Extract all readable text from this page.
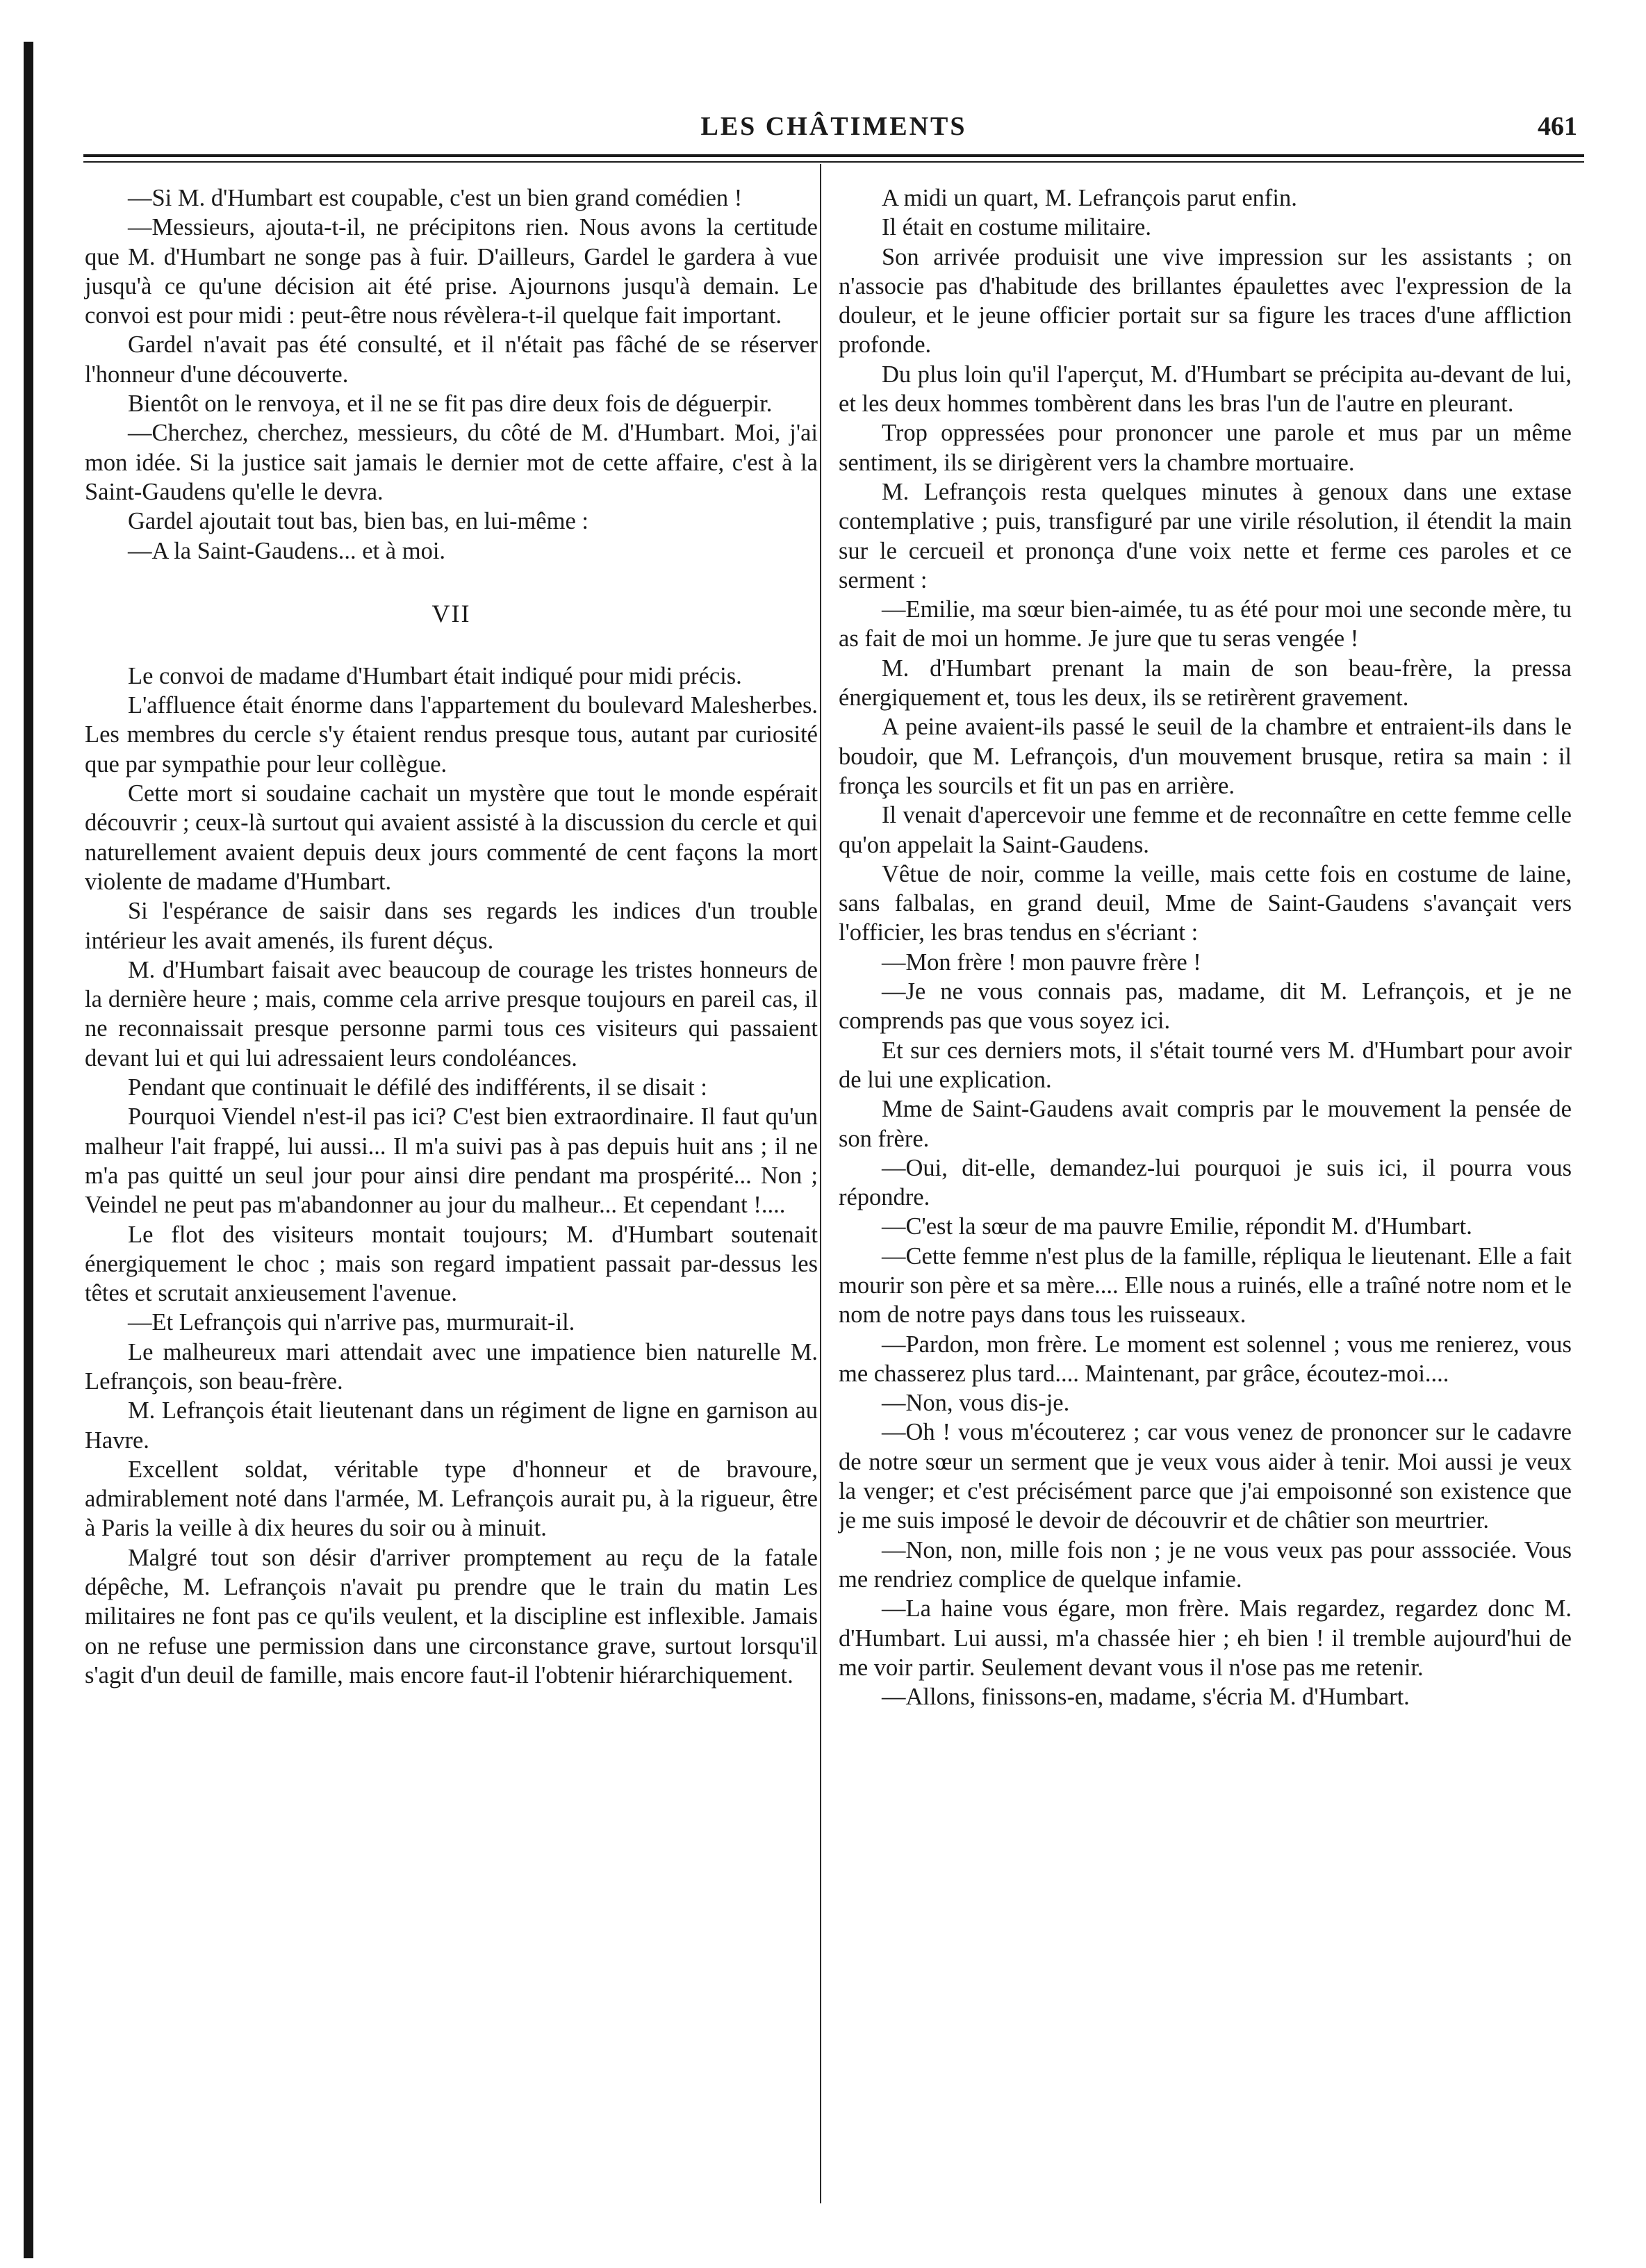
LES CHÂTIMENTS	461

—Si M. d'Humbart est coupable, c'est un bien grand comédien !

—Messieurs, ajouta-t-il, ne précipitons rien. Nous avons la certitude que M. d'Humbart ne songe pas à fuir. D'ailleurs, Gardel le gardera à vue jusqu'à ce qu'une décision ait été prise. Ajournons jusqu'à demain. Le convoi est pour midi : peut-être nous révèlera-t-il quelque fait important.

Gardel n'avait pas été consulté, et il n'était pas fâché de se réserver l'honneur d'une découverte.

Bientôt on le renvoya, et il ne se fit pas dire deux fois de déguerpir.

—Cherchez, cherchez, messieurs, du côté de M. d'Humbart. Moi, j'ai mon idée. Si la justice sait jamais le dernier mot de cette affaire, c'est à la Saint-Gaudens qu'elle le devra.

Gardel ajoutait tout bas, bien bas, en lui-même :

—A la Saint-Gaudens... et à moi.

VII

Le convoi de madame d'Humbart était indiqué pour midi précis.

L'affluence était énorme dans l'appartement du boulevard Malesherbes. Les membres du cercle s'y étaient rendus presque tous, autant par curiosité que par sympathie pour leur collègue.

Cette mort si soudaine cachait un mystère que tout le monde espérait découvrir ; ceux-là surtout qui avaient assisté à la discussion du cercle et qui naturellement avaient depuis deux jours commenté de cent façons la mort violente de madame d'Humbart.

Si l'espérance de saisir dans ses regards les indices d'un trouble intérieur les avait amenés, ils furent déçus.

M. d'Humbart faisait avec beaucoup de courage les tristes honneurs de la dernière heure ; mais, comme cela arrive presque toujours en pareil cas, il ne reconnaissait presque personne parmi tous ces visiteurs qui passaient devant lui et qui lui adressaient leurs condoléances.

Pendant que continuait le défilé des indifférents, il se disait :

Pourquoi Viendel n'est-il pas ici? C'est bien extraordinaire. Il faut qu'un malheur l'ait frappé, lui aussi... Il m'a suivi pas à pas depuis huit ans ; il ne m'a pas quitté un seul jour pour ainsi dire pendant ma prospérité... Non ; Veindel ne peut pas m'abandonner au jour du malheur... Et cependant !....

Le flot des visiteurs montait toujours; M. d'Humbart soutenait énergiquement le choc ; mais son regard impatient passait par-dessus les têtes et scrutait anxieusement l'avenue.

—Et Lefrançois qui n'arrive pas, murmurait-il.

Le malheureux mari attendait avec une impatience bien naturelle M. Lefrançois, son beau-frère.

M. Lefrançois était lieutenant dans un régiment de ligne en garnison au Havre.

Excellent soldat, véritable type d'honneur et de bravoure, admirablement noté dans l'armée, M. Lefrançois aurait pu, à la rigueur, être à Paris la veille à dix heures du soir ou à minuit.

Malgré tout son désir d'arriver promptement au reçu de la fatale dépêche, M. Lefrançois n'avait pu prendre que le train du matin Les militaires ne font pas ce qu'ils veulent, et la discipline est inflexible. Jamais on ne refuse une permission dans une circonstance grave, surtout lorsqu'il s'agit d'un deuil de famille, mais encore faut-il l'obtenir hiérarchiquement.

A midi un quart, M. Lefrançois parut enfin.

Il était en costume militaire.

Son arrivée produisit une vive impression sur les assistants ; on n'associe pas d'habitude des brillantes épaulettes avec l'expression de la douleur, et le jeune officier portait sur sa figure les traces d'une affliction profonde.

Du plus loin qu'il l'aperçut, M. d'Humbart se précipita au-devant de lui, et les deux hommes tombèrent dans les bras l'un de l'autre en pleurant.

Trop oppressées pour prononcer une parole et mus par un même sentiment, ils se dirigèrent vers la chambre mortuaire.

M. Lefrançois resta quelques minutes à genoux dans une extase contemplative ; puis, transfiguré par une virile résolution, il étendit la main sur le cercueil et prononça d'une voix nette et ferme ces paroles et ce serment :

—Emilie, ma sœur bien-aimée, tu as été pour moi une seconde mère, tu as fait de moi un homme. Je jure que tu seras vengée !

M. d'Humbart prenant la main de son beau-frère, la pressa énergiquement et, tous les deux, ils se retirèrent gravement.

A peine avaient-ils passé le seuil de la chambre et entraient-ils dans le boudoir, que M. Lefrançois, d'un mouvement brusque, retira sa main : il fronça les sourcils et fit un pas en arrière.

Il venait d'apercevoir une femme et de reconnaître en cette femme celle qu'on appelait la Saint-Gaudens.

Vêtue de noir, comme la veille, mais cette fois en costume de laine, sans falbalas, en grand deuil, Mme de Saint-Gaudens s'avançait vers l'officier, les bras tendus en s'écriant :

—Mon frère ! mon pauvre frère !

—Je ne vous connais pas, madame, dit M. Lefrançois, et je ne comprends pas que vous soyez ici.

Et sur ces derniers mots, il s'était tourné vers M. d'Humbart pour avoir de lui une explication.

Mme de Saint-Gaudens avait compris par le mouvement la pensée de son frère.

—Oui, dit-elle, demandez-lui pourquoi je suis ici, il pourra vous répondre.

—C'est la sœur de ma pauvre Emilie, répondit M. d'Humbart.

—Cette femme n'est plus de la famille, répliqua le lieutenant. Elle a fait mourir son père et sa mère.... Elle nous a ruinés, elle a traîné notre nom et le nom de notre pays dans tous les ruisseaux.

—Pardon, mon frère. Le moment est solennel ; vous me renierez, vous me chasserez plus tard.... Maintenant, par grâce, écoutez-moi....

—Non, vous dis-je.

—Oh ! vous m'écouterez ; car vous venez de prononcer sur le cadavre de notre sœur un serment que je veux vous aider à tenir. Moi aussi je veux la venger; et c'est précisément parce que j'ai empoisonné son existence que je me suis imposé le devoir de découvrir et de châtier son meurtrier.

—Non, non, mille fois non ; je ne vous veux pas pour asssociée. Vous me rendriez complice de quelque infamie.

—La haine vous égare, mon frère. Mais regardez, regardez donc M. d'Humbart. Lui aussi, m'a chassée hier ; eh bien ! il tremble aujourd'hui de me voir partir. Seulement devant vous il n'ose pas me retenir.

—Allons, finissons-en, madame, s'écria M. d'Humbart.
